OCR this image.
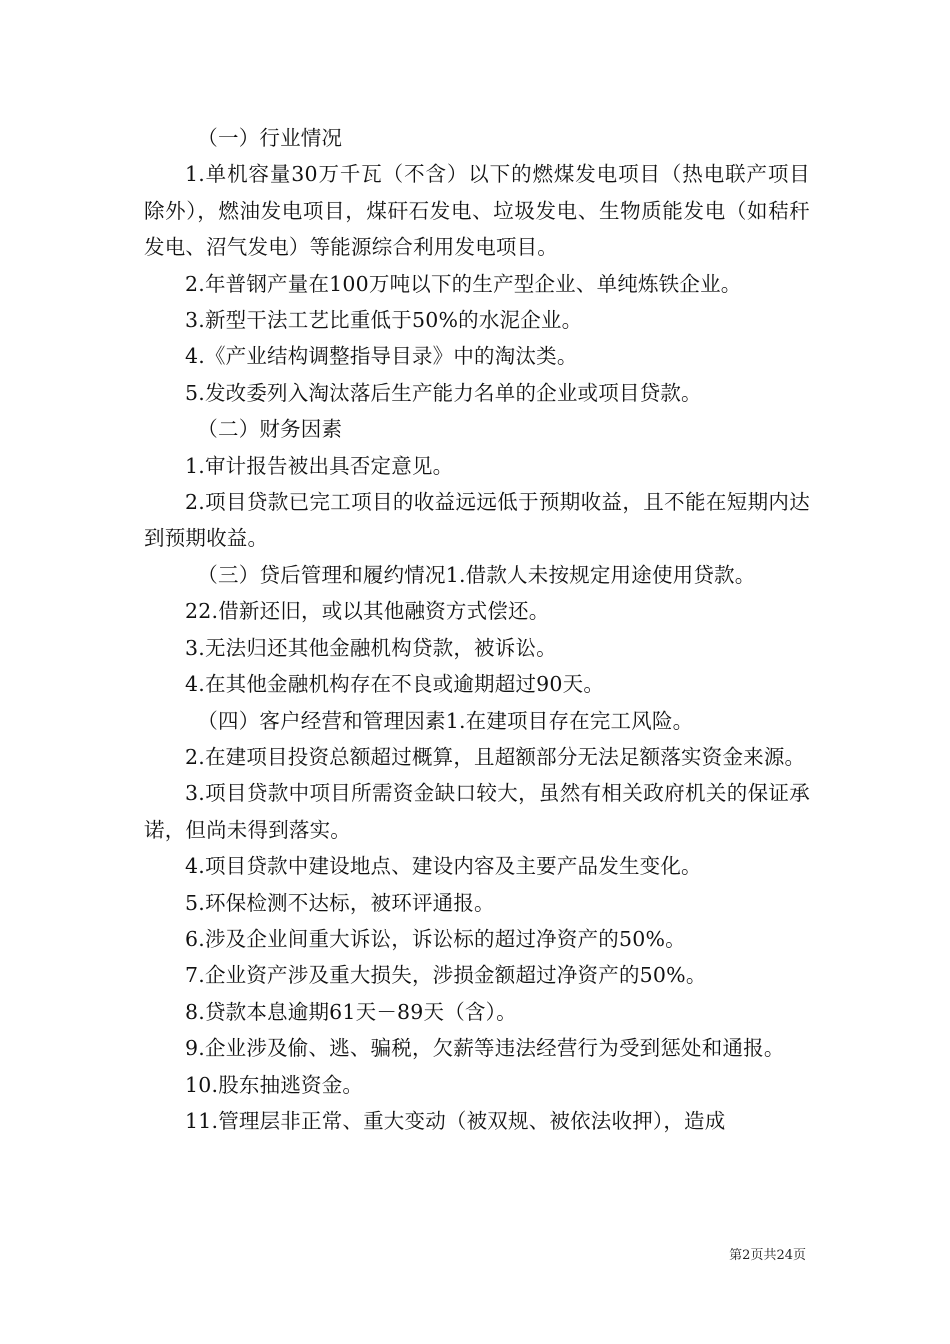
（一）行业情况

1.单机容量30万千瓦（不含）以下的燃煤发电项目（热电联产项目除外），燃油发电项目，煤矸石发电、垃圾发电、生物质能发电（如秸秆发电、沼气发电）等能源综合利用发电项目。

2.年普钢产量在100万吨以下的生产型企业、单纯炼铁企业。

3.新型干法工艺比重低于50%的水泥企业。

4.《产业结构调整指导目录》中的淘汰类。

5.发改委列入淘汰落后生产能力名单的企业或项目贷款。

（二）财务因素

1.审计报告被出具否定意见。

2.项目贷款已完工项目的收益远远低于预期收益，且不能在短期内达到预期收益。

（三）贷后管理和履约情况1.借款人未按规定用途使用贷款。

22.借新还旧，或以其他融资方式偿还。

3.无法归还其他金融机构贷款，被诉讼。

4.在其他金融机构存在不良或逾期超过90天。

（四）客户经营和管理因素1.在建项目存在完工风险。

2.在建项目投资总额超过概算，且超额部分无法足额落实资金来源。

3.项目贷款中项目所需资金缺口较大，虽然有相关政府机关的保证承诺，但尚未得到落实。

4.项目贷款中建设地点、建设内容及主要产品发生变化。

5.环保检测不达标，被环评通报。

6.涉及企业间重大诉讼，诉讼标的超过净资产的50%。

7.企业资产涉及重大损失，涉损金额超过净资产的50%。

8.贷款本息逾期61天－89天（含）。

9.企业涉及偷、逃、骗税，欠薪等违法经营行为受到惩处和通报。

10.股东抽逃资金。

11.管理层非正常、重大变动（被双规、被依法收押），造成

第2页共24页
